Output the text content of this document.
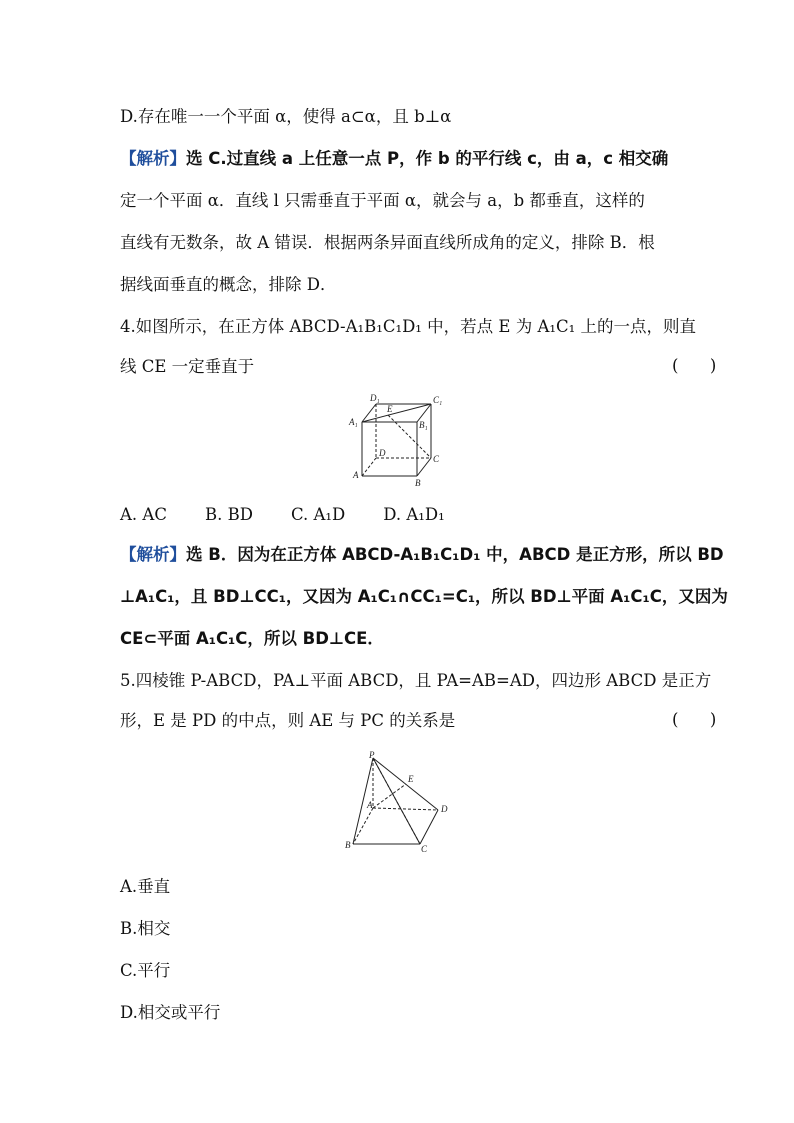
D.存在唯一一个平面 α，使得 a⊂α，且 b⊥α
【解析】选 C.过直线 a 上任意一点 P，作 b 的平行线 c，由 a，c 相交确
定一个平面 α．直线 l 只需垂直于平面 α，就会与 a，b 都垂直，这样的
直线有无数条，故 A 错误．根据两条异面直线所成角的定义，排除 B．根
据线面垂直的概念，排除 D．
4.如图所示，在正方体 ABCD-A₁B₁C₁D₁ 中，若点 E 为 A₁C₁ 上的一点，则直
线 CE 一定垂直于	(      )
D₁
E
C₁
A₁	B₁
D
C
A
B
A. AC B. BD C. A₁D D. A₁D₁
【解析】选 B．因为在正方体 ABCD-A₁B₁C₁D₁ 中，ABCD 是正方形，所以 BD
⊥A₁C₁，且 BD⊥CC₁，又因为 A₁C₁∩CC₁=C₁，所以 BD⊥平面 A₁C₁C，又因为
CE⊂平面 A₁C₁C，所以 BD⊥CE．
5.四棱锥 P-ABCD，PA⊥平面 ABCD，且 PA=AB=AD，四边形 ABCD 是正方
形，E 是 PD 的中点，则 AE 与 PC 的关系是	(      )
P
E
A	D
B	C
A.垂直
B.相交
C.平行
D.相交或平行
